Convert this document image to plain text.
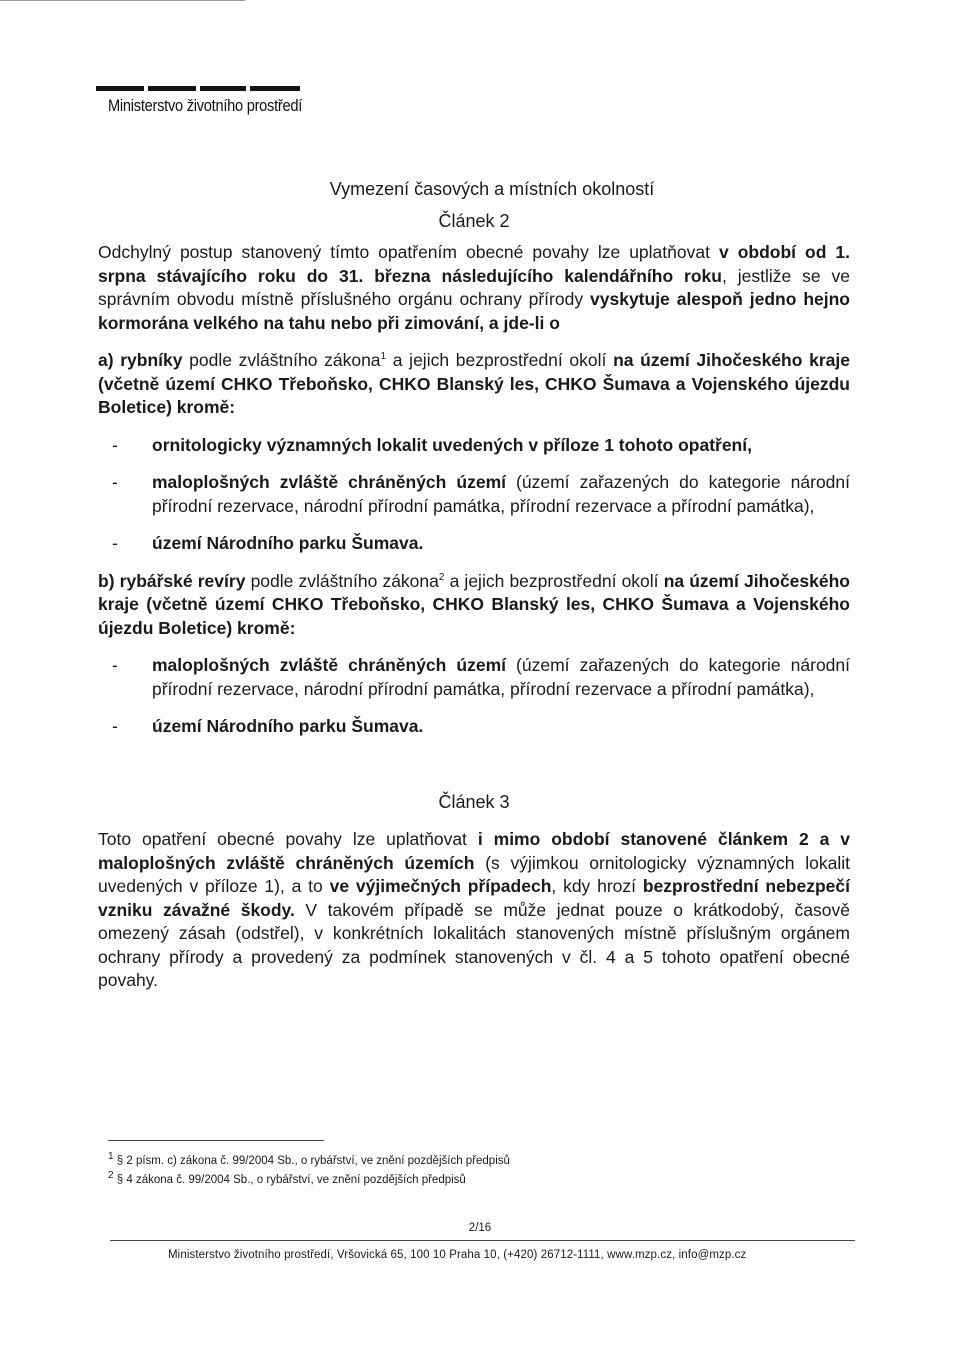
Ministerstvo životního prostředí
Vymezení časových a místních okolností
Článek 2

Odchylný postup stanovený tímto opatřením obecné povahy lze uplatňovat v období od 1. srpna stávajícího roku do 31. března následujícího kalendářního roku, jestliže se ve správním obvodu místně příslušného orgánu ochrany přírody vyskytuje alespoň jedno hejno kormorána velkého na tahu nebo při zimování, a jde-li o

a) rybníky podle zvláštního zákona$^1$ a jejich bezprostřední okolí na území Jihočeského kraje (včetně území CHKO Třeboňsko, CHKO Blanský les, CHKO Šumava a Vojenského újezdu Boletice) kromě:

-	ornitologicky významných lokalit uvedených v příloze 1 tohoto opatření,
-	maloplošných zvláště chráněných území (území zařazených do kategorie národní přírodní rezervace, národní přírodní památka, přírodní rezervace a přírodní památka),
-	území Národního parku Šumava.

b) rybářské revíry podle zvláštního zákona$^2$ a jejich bezprostřední okolí na území Jihočeského kraje (včetně území CHKO Třeboňsko, CHKO Blanský les, CHKO Šumava a Vojenského újezdu Boletice) kromě:

-	maloplošných zvláště chráněných území (území zařazených do kategorie národní přírodní rezervace, národní přírodní památka, přírodní rezervace a přírodní památka),
-	území Národního parku Šumava.
Článek 3

Toto opatření obecné povahy lze uplatňovat i mimo období stanovené článkem 2 a v maloplošných zvláště chráněných územích (s výjimkou ornitologicky významných lokalit uvedených v příloze 1), a to ve výjimečných případech, kdy hrozí bezprostřední nebezpečí vzniku závažné škody. V takovém případě se může jednat pouze o krátkodobý, časově omezený zásah (odstřel), v konkrétních lokalitách stanovených místně příslušným orgánem ochrany přírody a provedený za podmínek stanovených v čl. 4 a 5 tohoto opatření obecné povahy.

$^1$ § 2 písm. c) zákona č. 99/2004 Sb., o rybářství, ve znění pozdějších předpisů
$^2$ § 4 zákona č. 99/2004 Sb., o rybářství, ve znění pozdějších předpisů
2/16
Ministerstvo životního prostředí, Vršovická 65, 100 10 Praha 10, (+420) 26712-1111, www.mzp.cz, info@mzp.cz
